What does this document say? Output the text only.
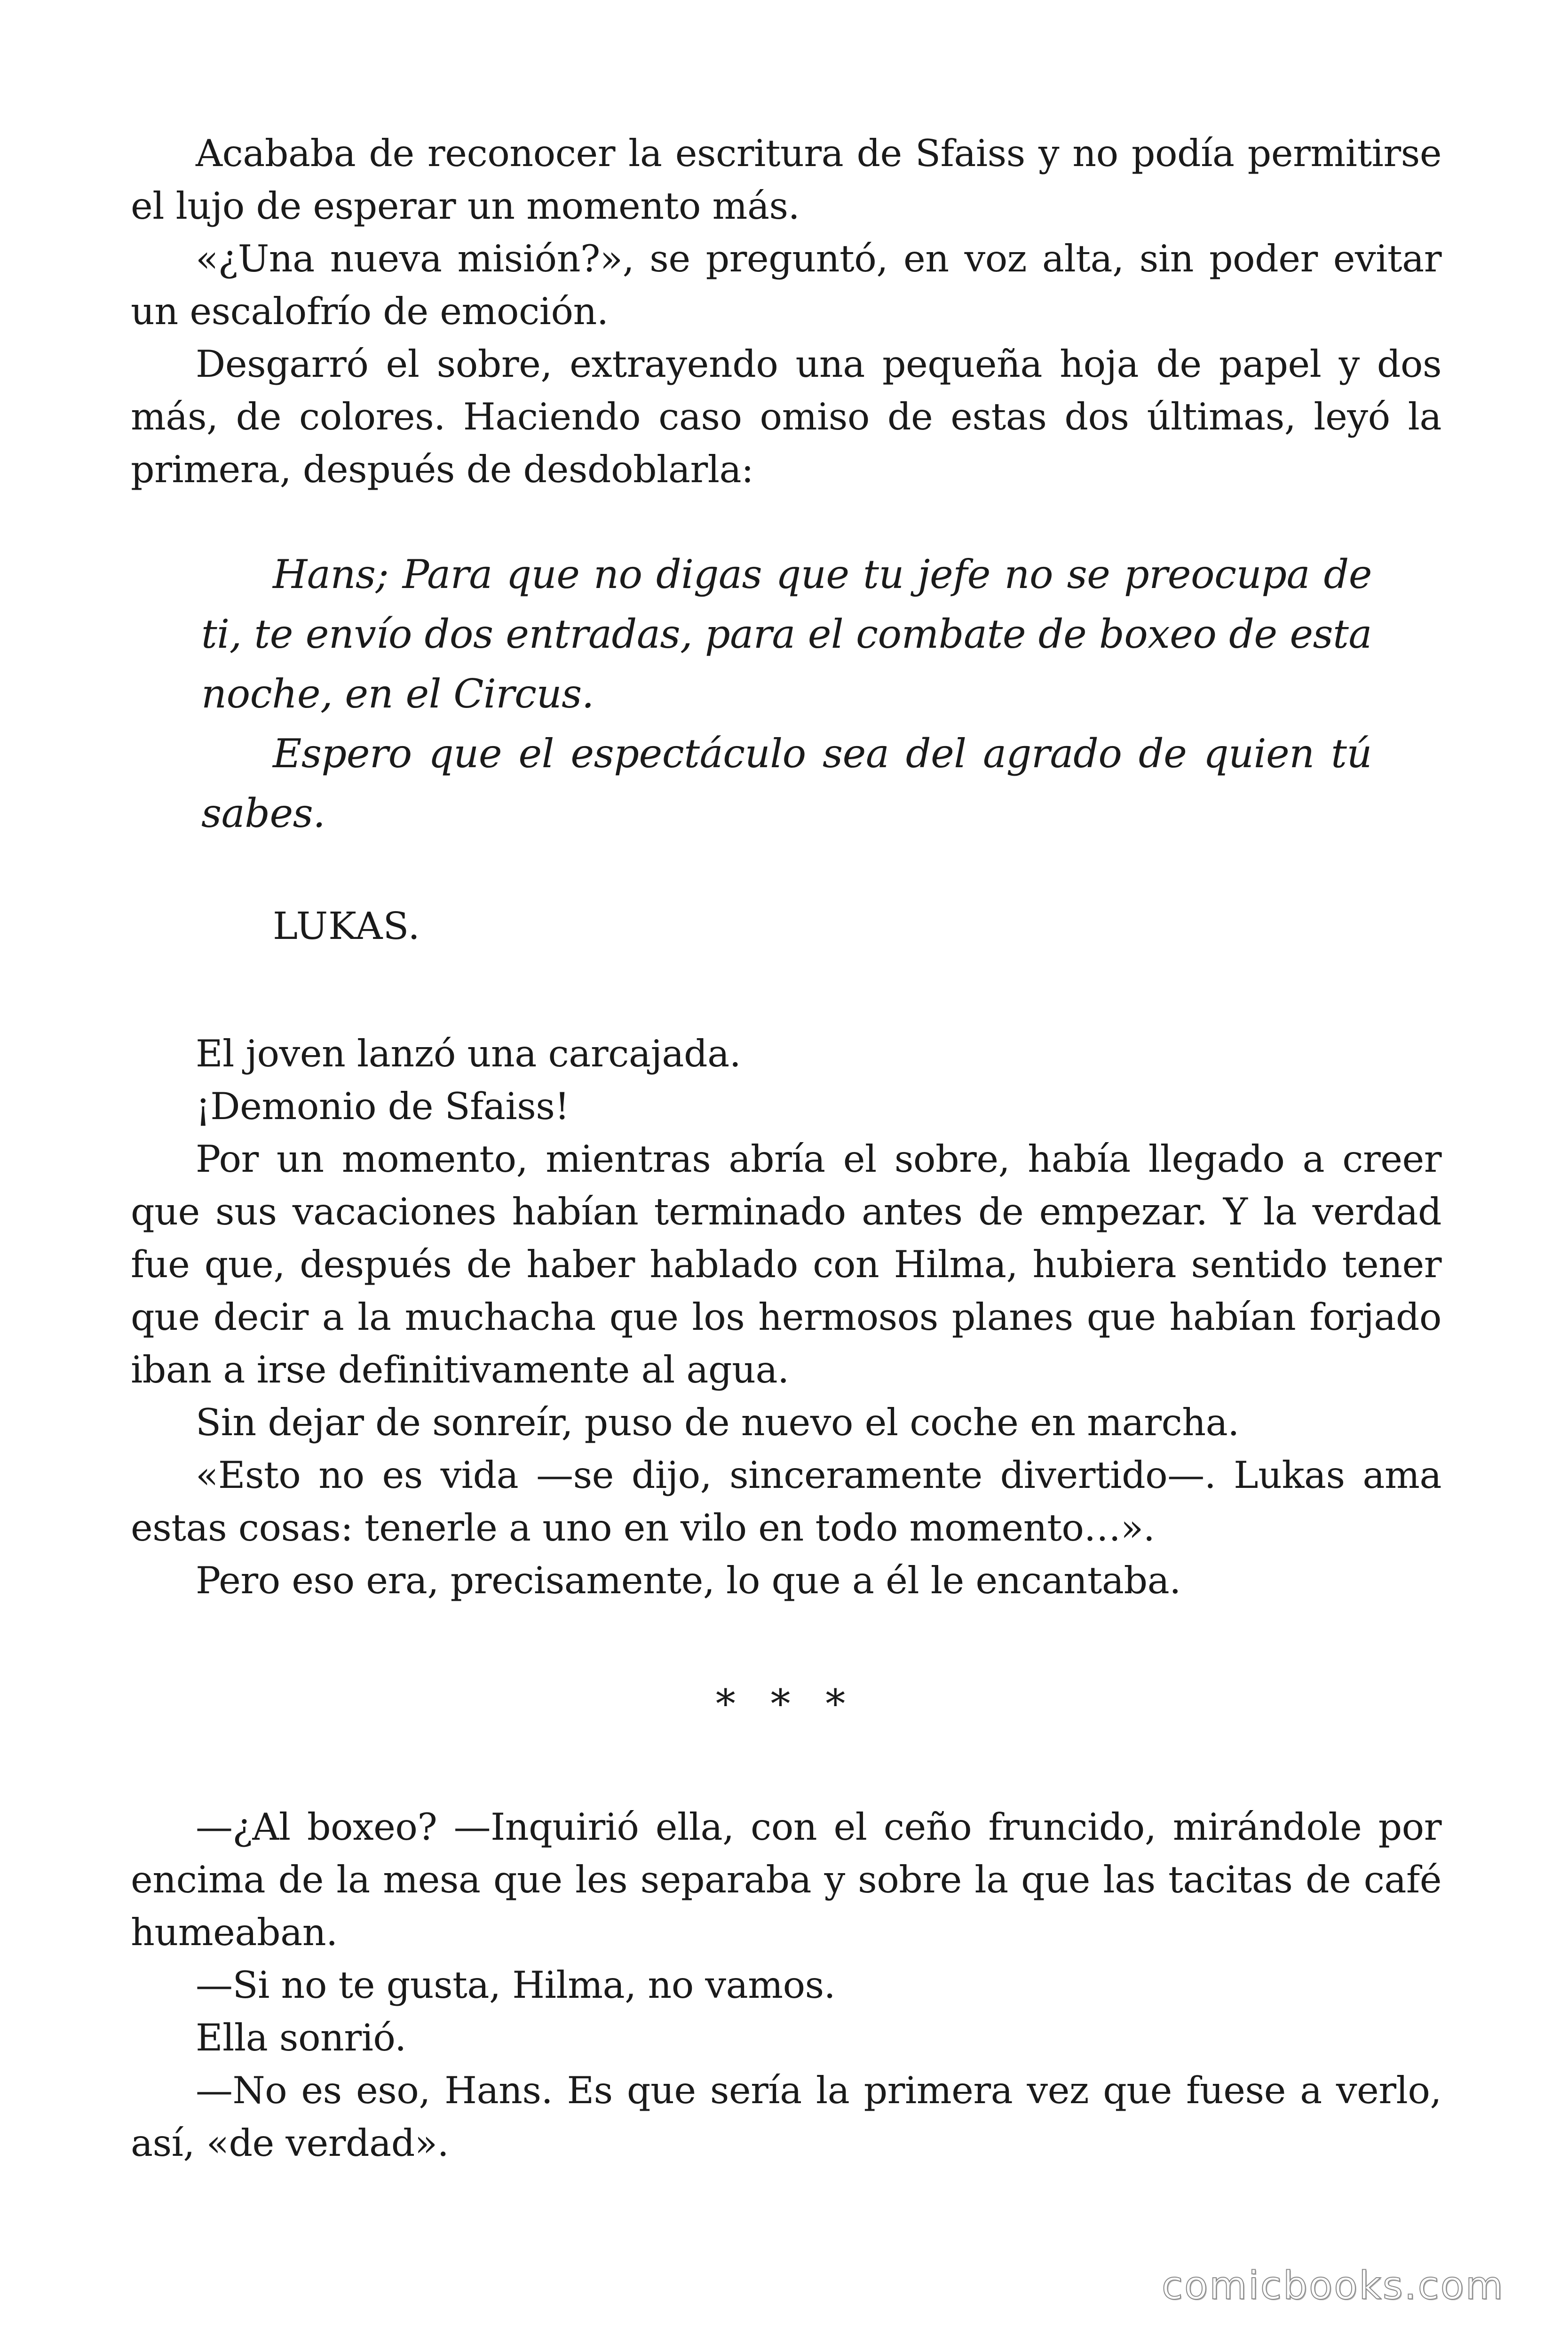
Acababa de reconocer la escritura de Sfaiss y no podía permitirse el lujo de esperar un momento más.

«¿Una nueva misión?», se preguntó, en voz alta, sin poder evitar un escalofrío de emoción.

Desgarró el sobre, extrayendo una pequeña hoja de papel y dos más, de colores. Haciendo caso omiso de estas dos últimas, leyó la primera, después de desdoblarla:

Hans; Para que no digas que tu jefe no se preocupa de ti, te envío dos entradas, para el combate de boxeo de esta noche, en el Circus.

Espero que el espectáculo sea del agrado de quien tú sabes.

LUKAS.

El joven lanzó una carcajada.

¡Demonio de Sfaiss!

Por un momento, mientras abría el sobre, había llegado a creer que sus vacaciones habían terminado antes de empezar. Y la verdad fue que, después de haber hablado con Hilma, hubiera sentido tener que decir a la muchacha que los hermosos planes que habían forjado iban a irse definitivamente al agua.

Sin dejar de sonreír, puso de nuevo el coche en marcha.

«Esto no es vida —se dijo, sinceramente divertido—. Lukas ama estas cosas: tenerle a uno en vilo en todo momento…».

Pero eso era, precisamente, lo que a él le encantaba.

* * *

—¿Al boxeo? —Inquirió ella, con el ceño fruncido, mirándole por encima de la mesa que les separaba y sobre la que las tacitas de café humeaban.

—Si no te gusta, Hilma, no vamos.

Ella sonrió.

—No es eso, Hans. Es que sería la primera vez que fuese a verlo, así, «de verdad».

comicbooks.com
